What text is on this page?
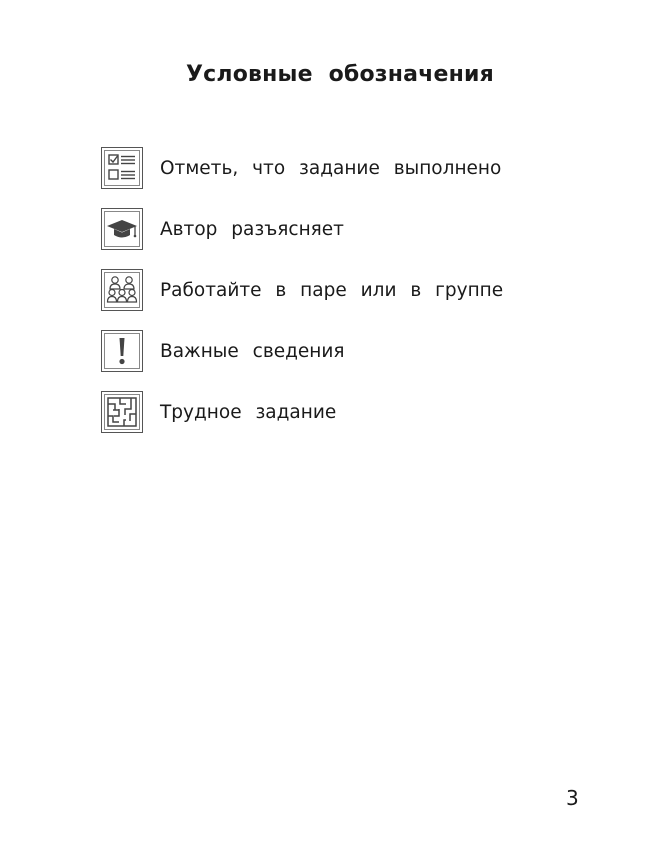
Условные обозначения
Отметь, что задание выполнено
Автор разъясняет
Работайте в паре или в группе
Важные сведения
Трудное задание
3
